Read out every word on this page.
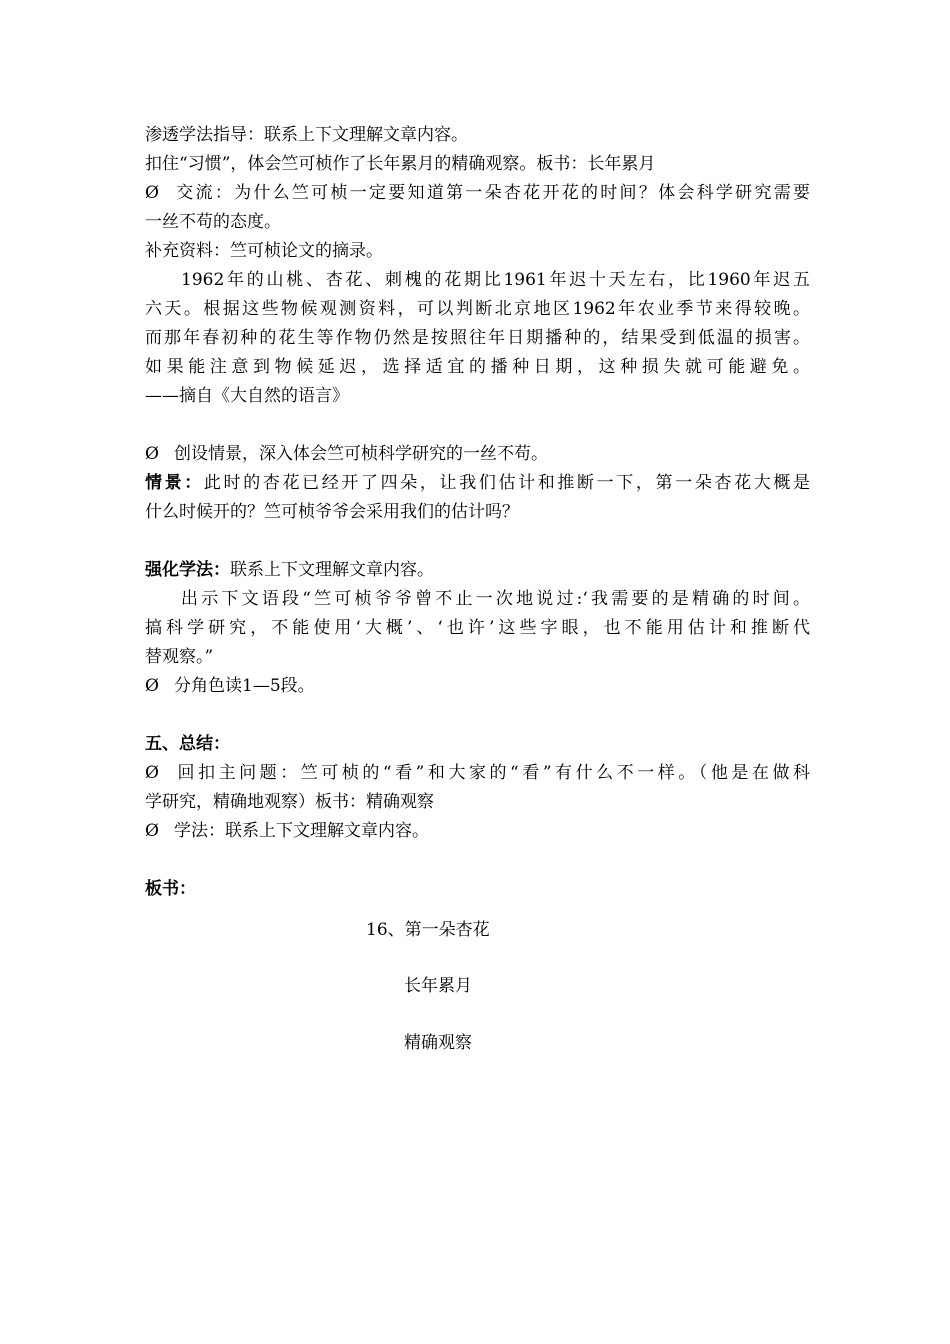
渗透学法指导：联系上下文理解文章内容。
扣住“习惯”，体会竺可桢作了长年累月的精确观察。板书：长年累月
Ø 交流：为什么竺可桢一定要知道第一朵杏花开花的时间？体会科学研究需要
一丝不苟的态度。
补充资料：竺可桢论文的摘录。
1962年的山桃、杏花、刺槐的花期比1961年迟十天左右，比1960年迟五
六天。根据这些物候观测资料，可以判断北京地区1962年农业季节来得较晚。
而那年春初种的花生等作物仍然是按照往年日期播种的，结果受到低温的损害。
如果能注意到物候延迟，选择适宜的播种日期，这种损失就可能避免。
——摘自《大自然的语言》
Ø 创设情景，深入体会竺可桢科学研究的一丝不苟。
情景：此时的杏花已经开了四朵，让我们估计和推断一下，第一朵杏花大概是
什么时候开的？竺可桢爷爷会采用我们的估计吗？
强化学法：联系上下文理解文章内容。
出示下文语段“竺可桢爷爷曾不止一次地说过:‘我需要的是精确的时间。
搞科学研究，不能使用‘大概’、‘也许’这些字眼，也不能用估计和推断代
替观察。”
Ø 分角色读1—5段。
五、总结：
Ø 回扣主问题：竺可桢的“看”和大家的“看”有什么不一样。（他是在做科
学研究，精确地观察）板书：精确观察
Ø 学法：联系上下文理解文章内容。
板书：
16、第一朵杏花
长年累月
精确观察
